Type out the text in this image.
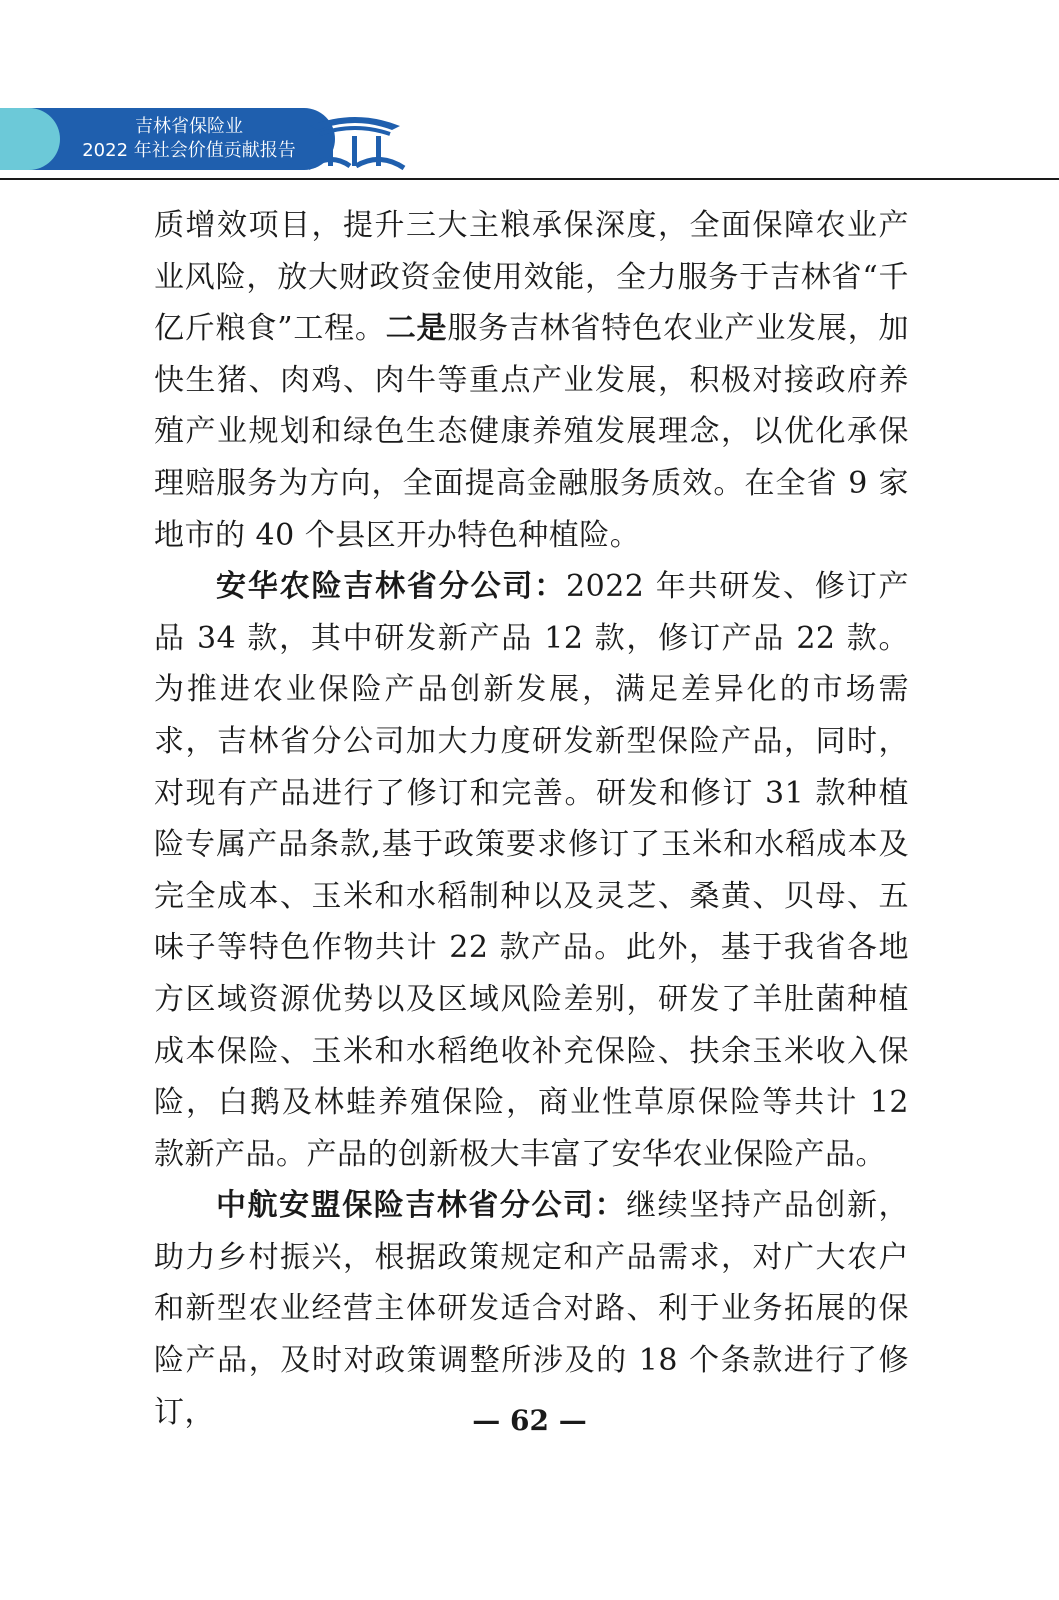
吉林省保险业
2022 年社会价值贡献报告

质增效项目，提升三大主粮承保深度，全面保障农业产业风险，放大财政资金使用效能，全力服务于吉林省“千亿斤粮食”工程。二是服务吉林省特色农业产业发展，加快生猪、肉鸡、肉牛等重点产业发展，积极对接政府养殖产业规划和绿色生态健康养殖发展理念，以优化承保理赔服务为方向，全面提高金融服务质效。在全省 9 家地市的 40 个县区开办特色种植险。

安华农险吉林省分公司：2022 年共研发、修订产品 34 款，其中研发新产品 12 款，修订产品 22 款。为推进农业保险产品创新发展，满足差异化的市场需求，吉林省分公司加大力度研发新型保险产品，同时，对现有产品进行了修订和完善。研发和修订 31 款种植险专属产品条款,基于政策要求修订了玉米和水稻成本及完全成本、玉米和水稻制种以及灵芝、桑黄、贝母、五味子等特色作物共计 22 款产品。此外，基于我省各地方区域资源优势以及区域风险差别，研发了羊肚菌种植成本保险、玉米和水稻绝收补充保险、扶余玉米收入保险，白鹅及林蛙养殖保险，商业性草原保险等共计 12 款新产品。产品的创新极大丰富了安华农业保险产品。

中航安盟保险吉林省分公司：继续坚持产品创新，助力乡村振兴，根据政策规定和产品需求，对广大农户和新型农业经营主体研发适合对路、利于业务拓展的保险产品，及时对政策调整所涉及的 18 个条款进行了修订，	— 62 —
